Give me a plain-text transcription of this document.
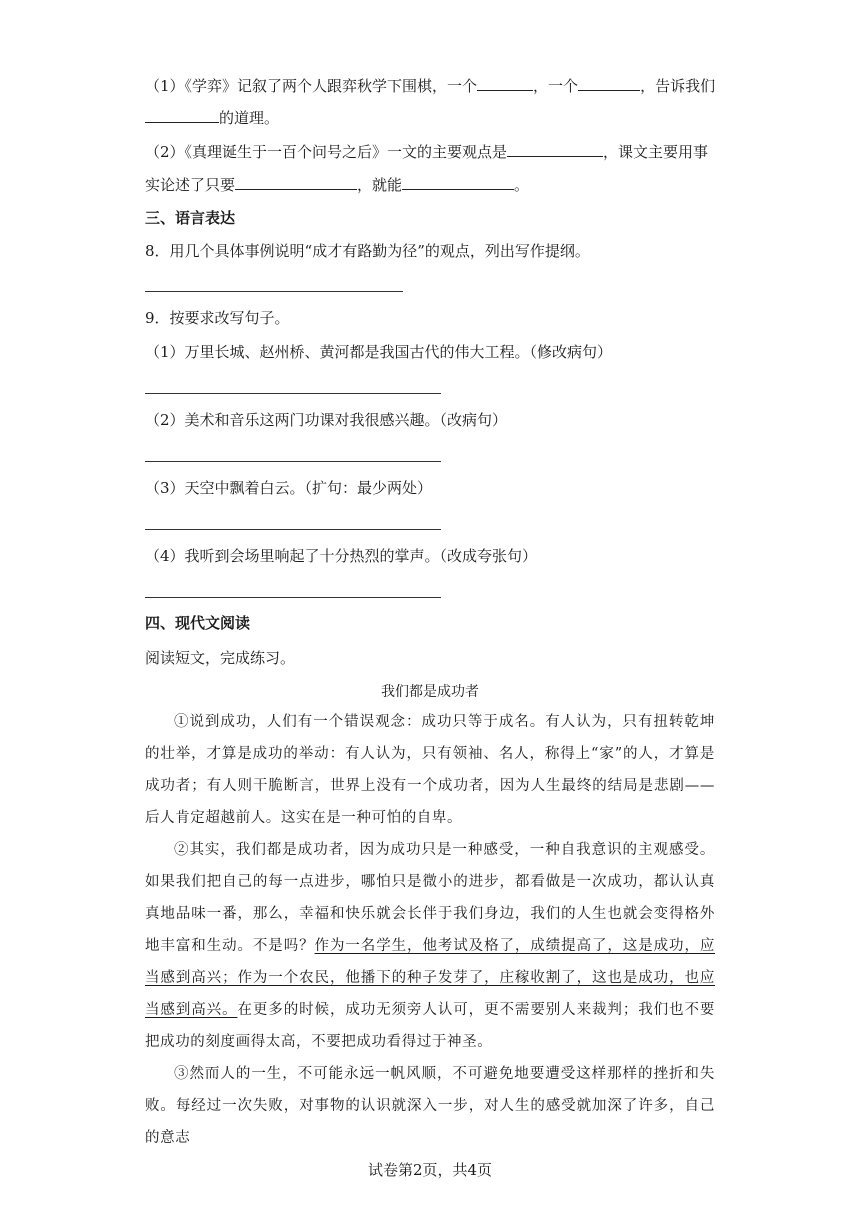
（1）《学弈》记叙了两个人跟弈秋学下围棋，一个	，一个	，告诉我们
的道理。
（2）《真理诞生于一百个问号之后》一文的主要观点是	，课文主要用事
实论述了只要	，就能	。
三、语言表达
8．用几个具体事例说明“成才有路勤为径”的观点，列出写作提纲。
9．按要求改写句子。
（1）万里长城、赵州桥、黄河都是我国古代的伟大工程。（修改病句）
（2）美术和音乐这两门功课对我很感兴趣。（改病句）
（3）天空中飘着白云。（扩句：最少两处）
（4）我听到会场里响起了十分热烈的掌声。（改成夸张句）
四、现代文阅读
阅读短文，完成练习。
我们都是成功者
①说到成功，人们有一个错误观念：成功只等于成名。有人认为，只有扭转乾坤的壮举，才算是成功的举动：有人认为，只有领袖、名人，称得上“家”的人，才算是成功者；有人则干脆断言，世界上没有一个成功者，因为人生最终的结局是悲剧——后人肯定超越前人。这实在是一种可怕的自卑。
②其实，我们都是成功者，因为成功只是一种感受，一种自我意识的主观感受。如果我们把自己的每一点进步，哪怕只是微小的进步，都看做是一次成功，都认认真真地品味一番，那么，幸福和快乐就会长伴于我们身边，我们的人生也就会变得格外地丰富和生动。不是吗？作为一名学生，他考试及格了，成绩提高了，这是成功，应当感到高兴；作为一个农民，他播下的种子发芽了，庄稼收割了，这也是成功，也应当感到高兴。在更多的时候，成功无须旁人认可，更不需要别人来裁判；我们也不要把成功的刻度画得太高，不要把成功看得过于神圣。
③然而人的一生，不可能永远一帆风顺，不可避免地要遭受这样那样的挫折和失败。每经过一次失败，对事物的认识就深入一步，对人生的感受就加深了许多，自己的意志
试卷第2页，共4页
